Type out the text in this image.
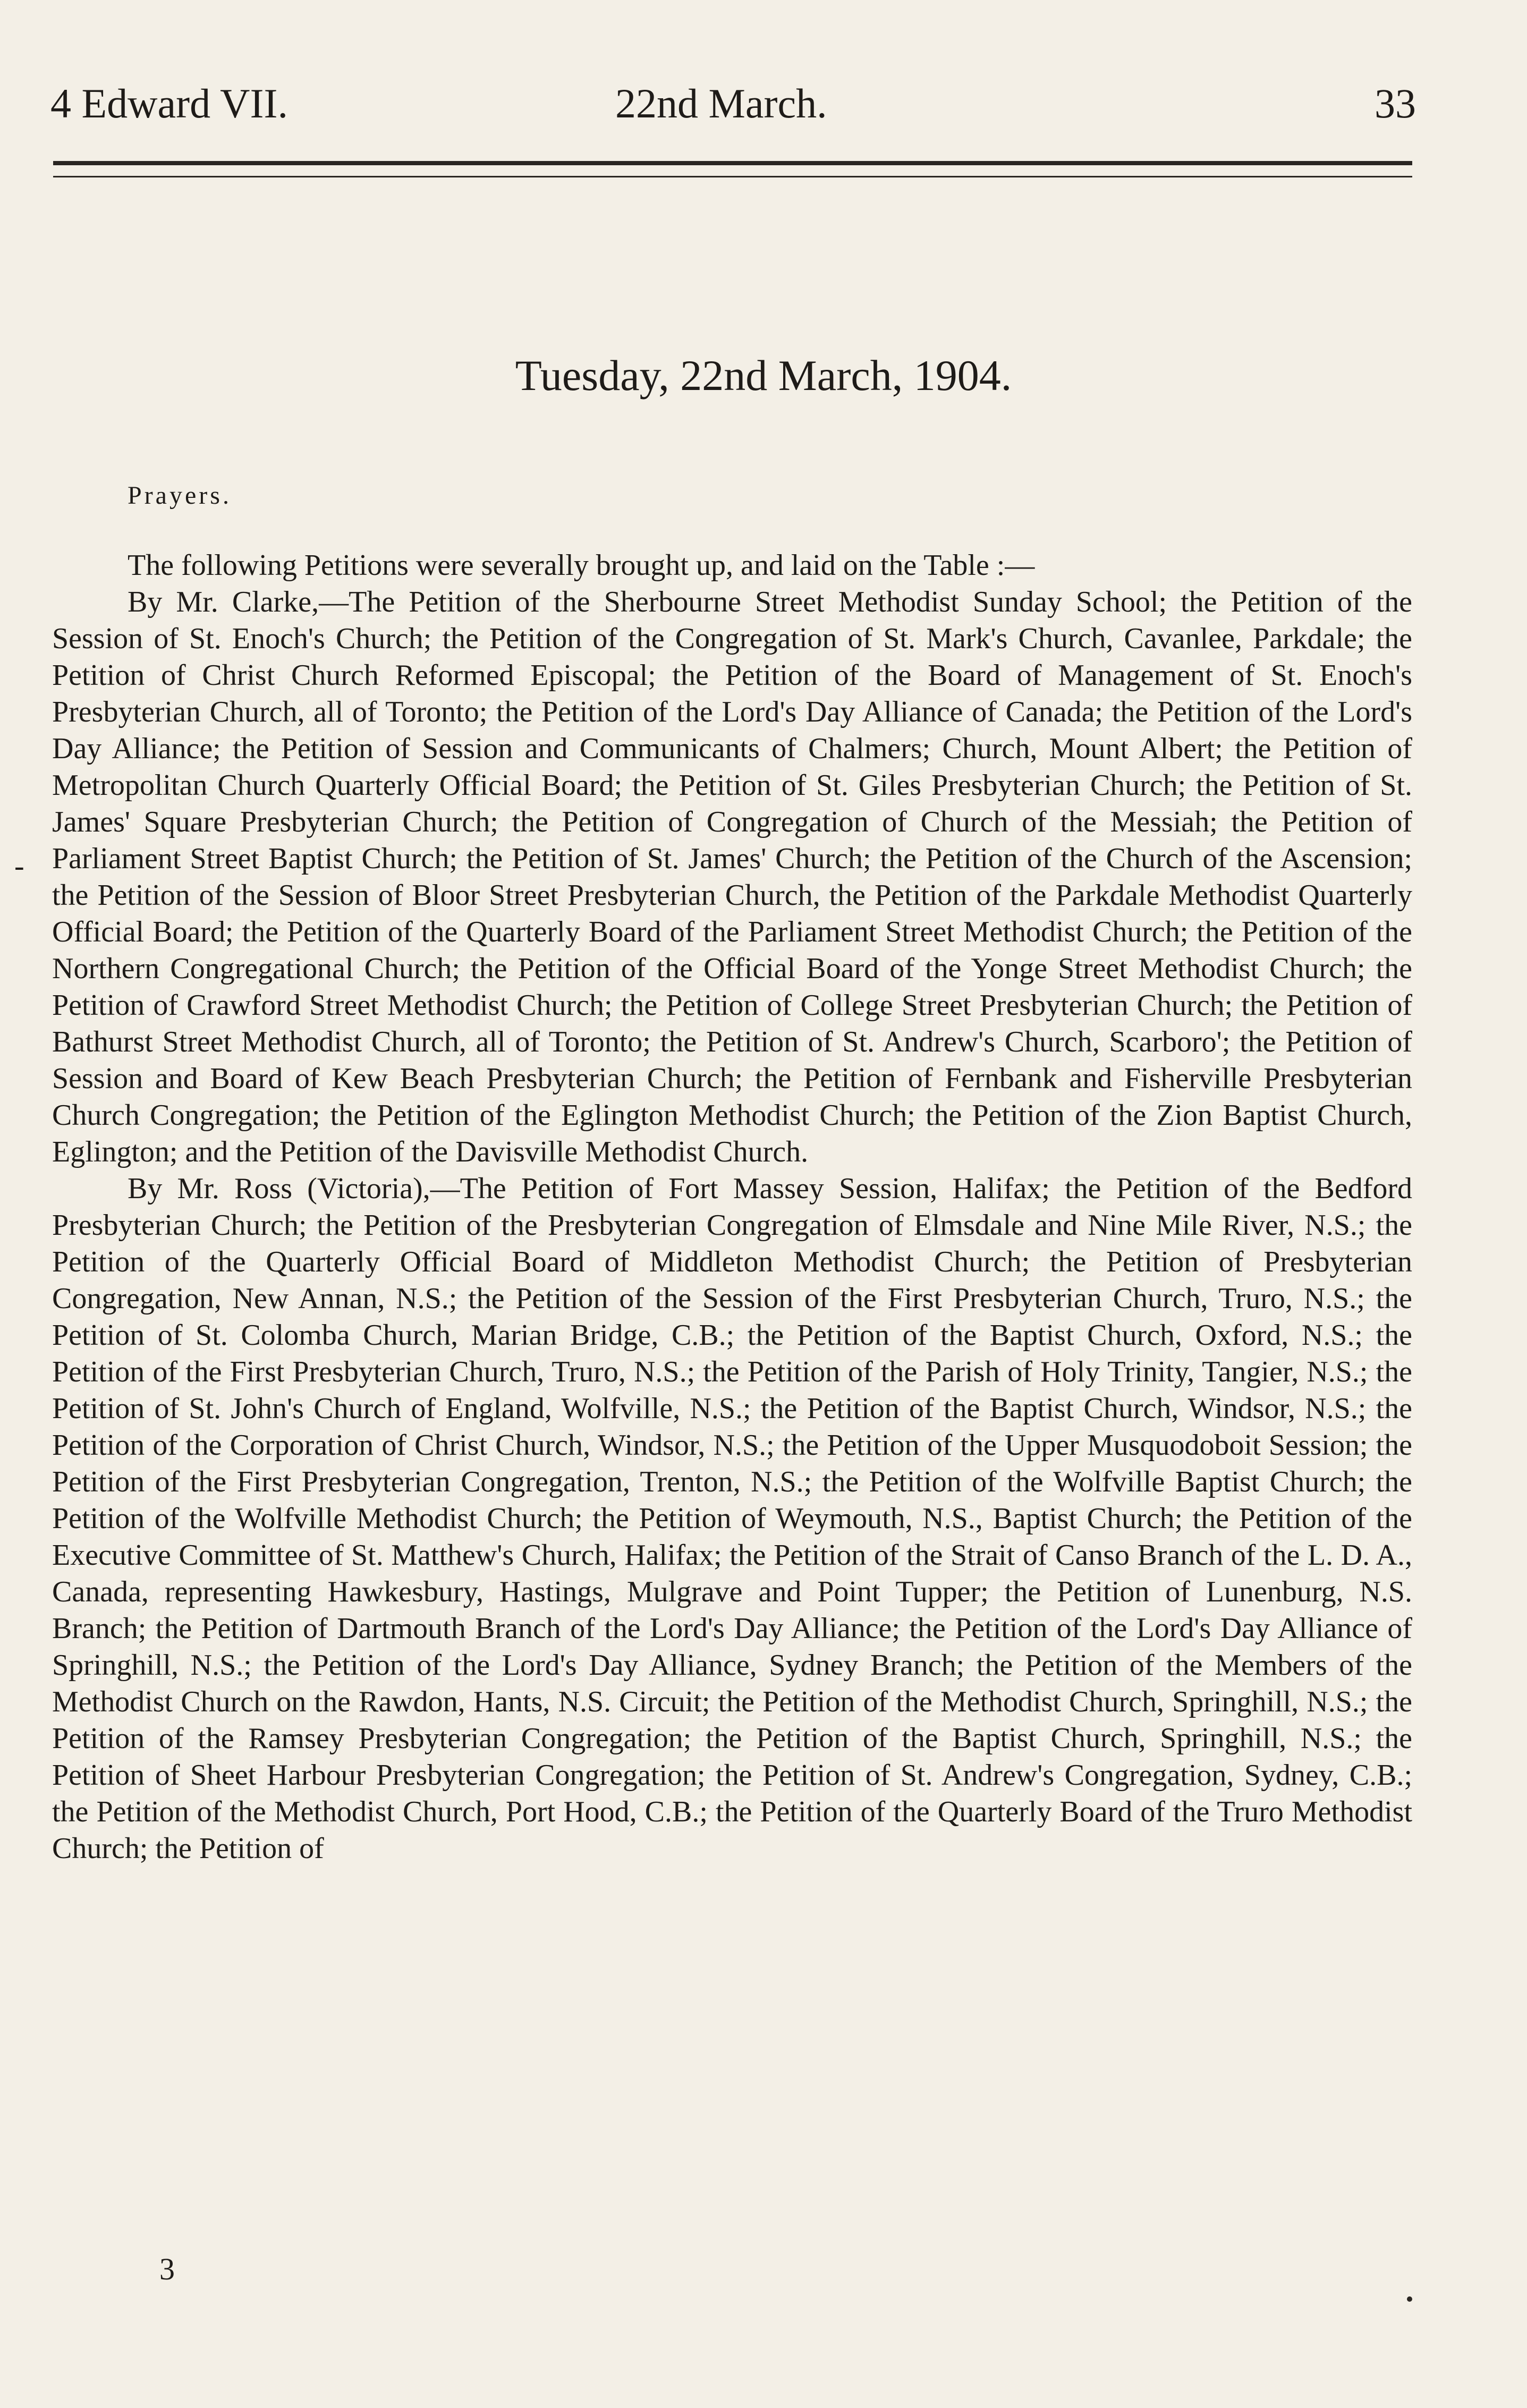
4 Edward VII.	22nd March.	33
Tuesday, 22nd March, 1904.
Prayers.
-

The following Petitions were severally brought up, and laid on the Table :—

By Mr. Clarke,—The Petition of the Sherbourne Street Methodist Sunday School; the Petition of the Session of St. Enoch's Church; the Petition of the Congregation of St. Mark's Church, Cavanlee, Parkdale; the Petition of Christ Church Reformed Episcopal; the Petition of the Board of Management of St. Enoch's Presbyterian Church, all of Toronto; the Petition of the Lord's Day Alliance of Canada; the Petition of the Lord's Day Alliance; the Petition of Session and Communicants of Chalmers; Church, Mount Albert; the Petition of Metropolitan Church Quarterly Official Board; the Petition of St. Giles Presbyterian Church; the Petition of St. James' Square Presbyterian Church; the Petition of Congregation of Church of the Messiah; the Petition of Parliament Street Baptist Church; the Petition of St. James' Church; the Petition of the Church of the Ascension; the Petition of the Session of Bloor Street Presbyterian Church, the Petition of the Parkdale Methodist Quarterly Official Board; the Petition of the Quarterly Board of the Parliament Street Methodist Church; the Petition of the Northern Congregational Church; the Petition of the Official Board of the Yonge Street Methodist Church; the Petition of Crawford Street Methodist Church; the Petition of College Street Presbyterian Church; the Petition of Bathurst Street Methodist Church, all of Toronto; the Petition of St. Andrew's Church, Scarboro'; the Petition of Session and Board of Kew Beach Presbyterian Church; the Petition of Fernbank and Fisherville Presbyterian Church Congregation; the Petition of the Eglington Methodist Church; the Petition of the Zion Baptist Church, Eglington; and the Petition of the Davisville Methodist Church.

By Mr. Ross (Victoria),—The Petition of Fort Massey Session, Halifax; the Petition of the Bedford Presbyterian Church; the Petition of the Presbyterian Congregation of Elmsdale and Nine Mile River, N.S.; the Petition of the Quarterly Official Board of Middleton Methodist Church; the Petition of Presbyterian Congregation, New Annan, N.S.; the Petition of the Session of the First Presbyterian Church, Truro, N.S.; the Petition of St. Colomba Church, Marian Bridge, C.B.; the Petition of the Baptist Church, Oxford, N.S.; the Petition of the First Presbyterian Church, Truro, N.S.; the Petition of the Parish of Holy Trinity, Tangier, N.S.; the Petition of St. John's Church of England, Wolfville, N.S.; the Petition of the Baptist Church, Windsor, N.S.; the Petition of the Corporation of Christ Church, Windsor, N.S.; the Petition of the Upper Musquodoboit Session; the Petition of the First Presbyterian Congregation, Trenton, N.S.; the Petition of the Wolfville Baptist Church; the Petition of the Wolfville Methodist Church; the Petition of Weymouth, N.S., Baptist Church; the Petition of the Executive Committee of St. Matthew's Church, Halifax; the Petition of the Strait of Canso Branch of the L. D. A., Canada, representing Hawkesbury, Hastings, Mulgrave and Point Tupper; the Petition of Lunenburg, N.S. Branch; the Petition of Dartmouth Branch of the Lord's Day Alliance; the Petition of the Lord's Day Alliance of Springhill, N.S.; the Petition of the Lord's Day Alliance, Sydney Branch; the Petition of the Members of the Methodist Church on the Rawdon, Hants, N.S. Circuit; the Petition of the Methodist Church, Springhill, N.S.; the Petition of the Ramsey Presbyterian Congregation; the Petition of the Baptist Church, Springhill, N.S.; the Petition of Sheet Harbour Presbyterian Congregation; the Petition of St. Andrew's Congregation, Sydney, C.B.; the Petition of the Methodist Church, Port Hood, C.B.; the Petition of the Quarterly Board of the Truro Methodist Church; the Petition of

3
